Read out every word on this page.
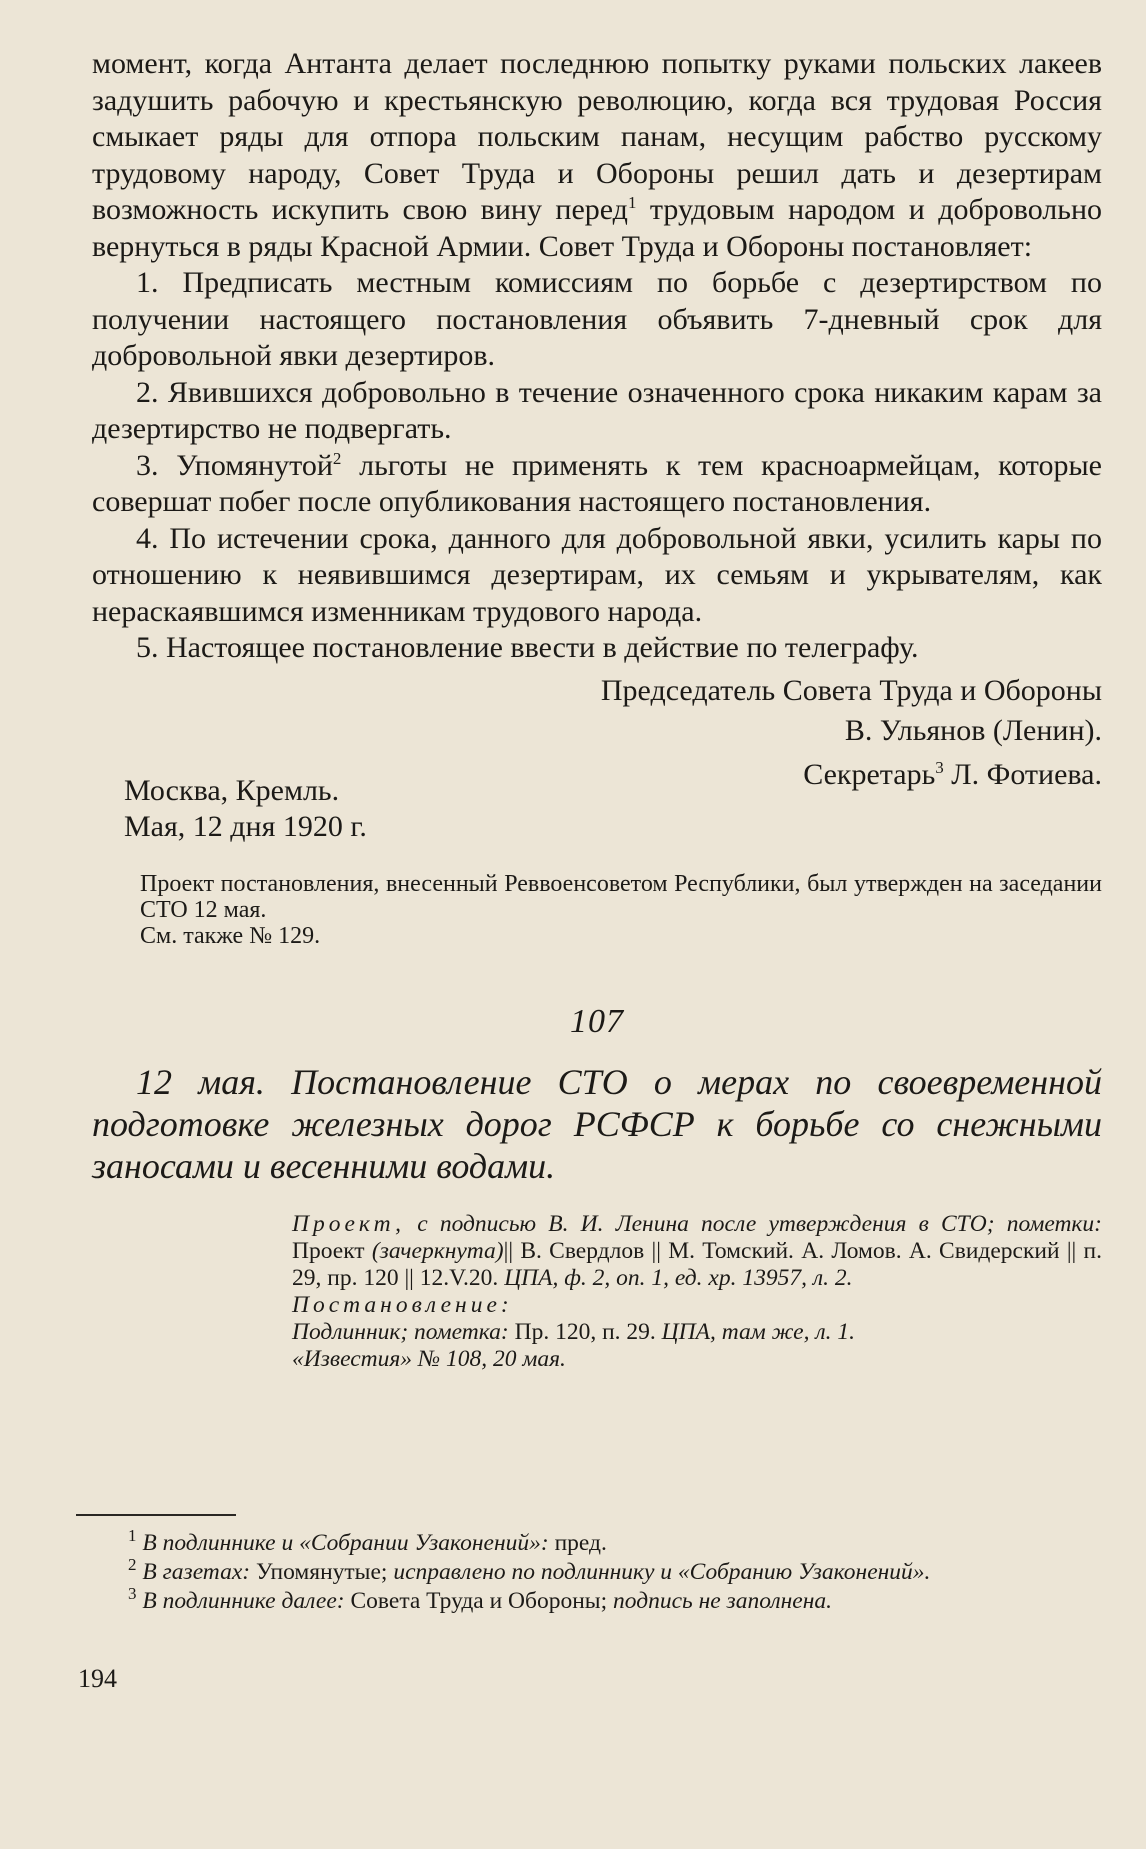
момент, когда Антанта делает последнюю попытку руками польских лакеев задушить рабочую и крестьянскую революцию, когда вся трудовая Россия смыкает ряды для отпора польским панам, несущим рабство русскому трудовому народу, Совет Труда и Обороны решил дать и дезертирам возможность искупить свою вину перед$^1$ трудовым народом и добровольно вернуться в ряды Красной Армии. Совет Труда и Обороны постановляет:

1. Предписать местным комиссиям по борьбе с дезертирством по получении настоящего постановления объявить 7-дневный срок для добровольной явки дезертиров.

2. Явившихся добровольно в течение означенного срока никаким карам за дезертирство не подвергать.

3. Упомянутой$^2$ льготы не применять к тем красноармейцам, которые совершат побег после опубликования настоящего постановления.

4. По истечении срока, данного для добровольной явки, усилить кары по отношению к неявившимся дезертирам, их семьям и укрывателям, как нераскаявшимся изменникам трудового народа.

5. Настоящее постановление ввести в действие по телеграфу.

Председатель Совета Труда и Обороны

В. Ульянов (Ленин).

Секретарь$^3$ Л. Фотиева.

Москва, Кремль.
Мая, 12 дня 1920 г.

Проект постановления, внесенный Реввоенсоветом Республики, был утвержден на заседании СТО 12 мая.

См. также № 129.

107

12 мая. Постановление СТО о мерах по своевременной подготовке железных дорог РСФСР к борьбе со снежными заносами и весенними водами.

Проект, с подписью В. И. Ленина после утверждения в СТО; пометки: Проект (зачеркнута)|| В. Свердлов || М. Томский. А. Ломов. А. Свидерский || п. 29, пр. 120 || 12.V.20. ЦПА, ф. 2, оп. 1, ед. хр. 13957, л. 2.

Постановление:

Подлинник; пометка: Пр. 120, п. 29. ЦПА, там же, л. 1.

«Известия» № 108, 20 мая.

$^1$ В подлиннике и «Собрании Узаконений»: пред.

$^2$ В газетах: Упомянутые; исправлено по подлиннику и «Собранию Узаконений».

$^3$ В подлиннике далее: Совета Труда и Обороны; подпись не заполнена.

194
